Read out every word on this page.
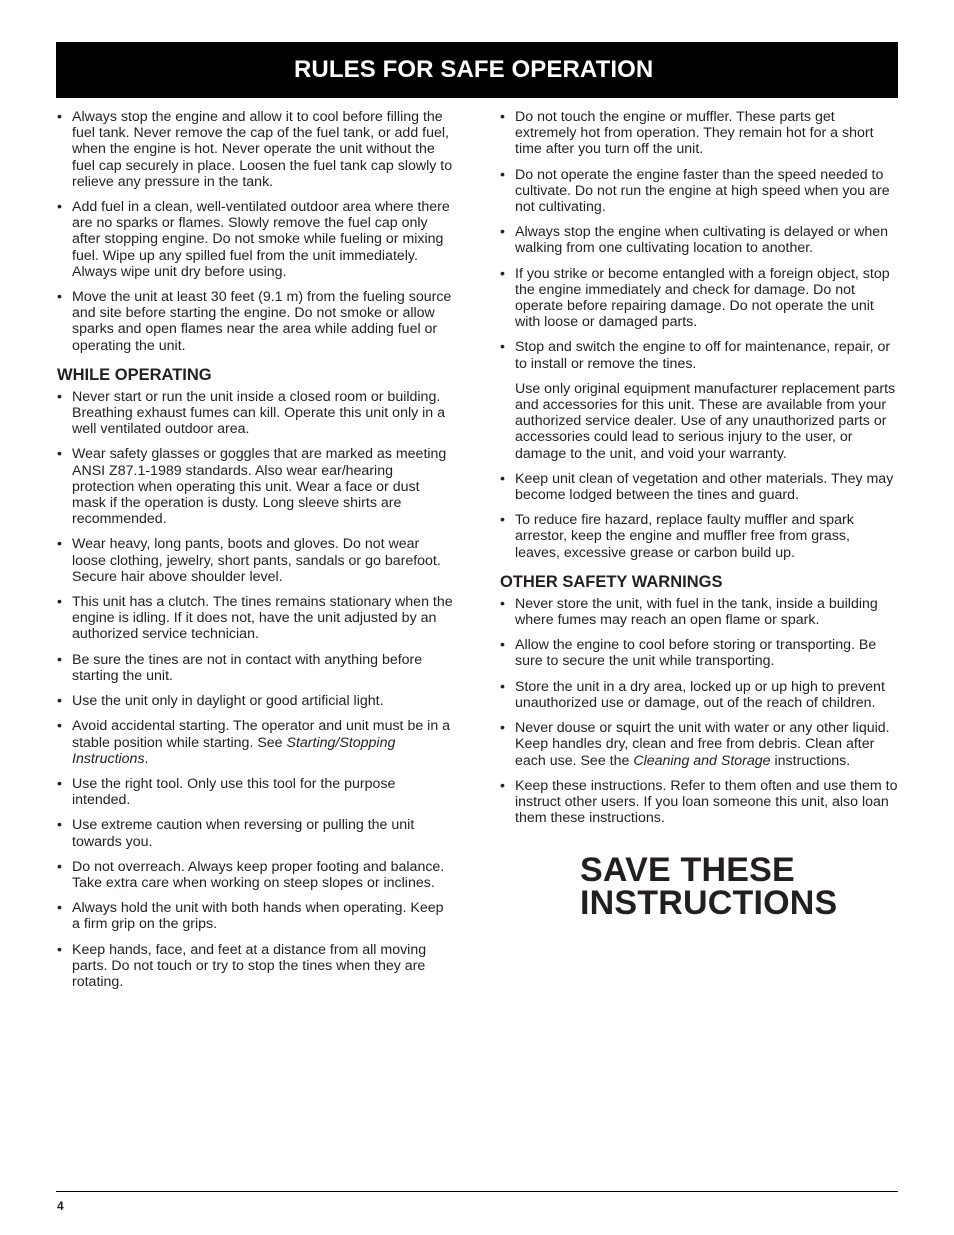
RULES FOR SAFE OPERATION
• Always stop the engine and allow it to cool before filling the fuel tank. Never remove the cap of the fuel tank, or add fuel, when the engine is hot. Never operate the unit without the fuel cap securely in place. Loosen the fuel tank cap slowly to relieve any pressure in the tank.
• Add fuel in a clean, well-ventilated outdoor area where there are no sparks or flames. Slowly remove the fuel cap only after stopping engine. Do not smoke while fueling or mixing fuel. Wipe up any spilled fuel from the unit immediately. Always wipe unit dry before using.
• Move the unit at least 30 feet (9.1 m) from the fueling source and site before starting the engine. Do not smoke or allow sparks and open flames near the area while adding fuel or operating the unit.
WHILE OPERATING
• Never start or run the unit inside a closed room or building. Breathing exhaust fumes can kill. Operate this unit only in a well ventilated outdoor area.
• Wear safety glasses or goggles that are marked as meeting ANSI Z87.1-1989 standards. Also wear ear/hearing protection when operating this unit. Wear a face or dust mask if the operation is dusty. Long sleeve shirts are recommended.
• Wear heavy, long pants, boots and gloves. Do not wear loose clothing, jewelry, short pants, sandals or go barefoot. Secure hair above shoulder level.
• This unit has a clutch. The tines remains stationary when the engine is idling. If it does not, have the unit adjusted by an authorized service technician.
• Be sure the tines are not in contact with anything before starting the unit.
• Use the unit only in daylight or good artificial light.
• Avoid accidental starting. The operator and unit must be in a stable position while starting. See Starting/Stopping Instructions.
• Use the right tool. Only use this tool for the purpose intended.
• Use extreme caution when reversing or pulling the unit towards you.
• Do not overreach. Always keep proper footing and balance. Take extra care when working on steep slopes or inclines.
• Always hold the unit with both hands when operating. Keep a firm grip on the grips.
• Keep hands, face, and feet at a distance from all moving parts. Do not touch or try to stop the tines when they are rotating.
• Do not touch the engine or muffler. These parts get extremely hot from operation. They remain hot for a short time after you turn off the unit.
• Do not operate the engine faster than the speed needed to cultivate. Do not run the engine at high speed when you are not cultivating.
• Always stop the engine when cultivating is delayed or when walking from one cultivating location to another.
• If you strike or become entangled with a foreign object, stop the engine immediately and check for damage. Do not operate before repairing damage. Do not operate the unit with loose or damaged parts.
• Stop and switch the engine to off for maintenance, repair, or to install or remove the tines.

Use only original equipment manufacturer replacement parts and accessories for this unit. These are available from your authorized service dealer. Use of any unauthorized parts or accessories could lead to serious injury to the user, or damage to the unit, and void your warranty.

• Keep unit clean of vegetation and other materials. They may become lodged between the tines and guard.
• To reduce fire hazard, replace faulty muffler and spark arrestor, keep the engine and muffler free from grass, leaves, excessive grease or carbon build up.
OTHER SAFETY WARNINGS
• Never store the unit, with fuel in the tank, inside a building where fumes may reach an open flame or spark.
• Allow the engine to cool before storing or transporting. Be sure to secure the unit while transporting.
• Store the unit in a dry area, locked up or up high to prevent unauthorized use or damage, out of the reach of children.
• Never douse or squirt the unit with water or any other liquid. Keep handles dry, clean and free from debris. Clean after each use. See the Cleaning and Storage instructions.
• Keep these instructions. Refer to them often and use them to instruct other users. If you loan someone this unit, also loan them these instructions.
SAVE THESE
INSTRUCTIONS
4
